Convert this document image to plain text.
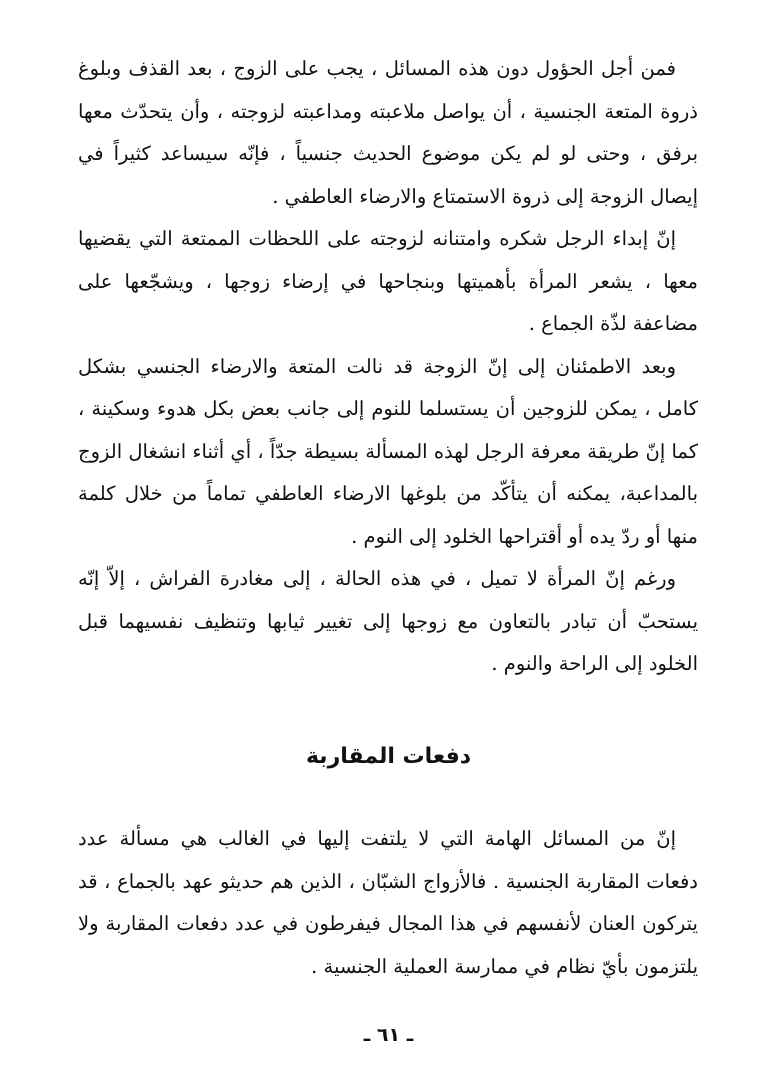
فمن أجل الحؤول دون هذه المسائل ، يجب على الزوج ، بعد القذف وبلوغ ذروة المتعة الجنسية ، أن يواصل ملاعبته ومداعبته لزوجته ، وأن يتحدّث معها برفق ، وحتى لو لم يكن موضوع الحديث جنسياً ، فإنّه سيساعد كثيراً في إيصال الزوجة إلى ذروة الاستمتاع والارضاء العاطفي .

إنّ إبداء الرجل شكره وامتنانه لزوجته على اللحظات الممتعة التي يقضيها معها ، يشعر المرأة بأهميتها وبنجاحها في إرضاء زوجها ، ويشجّعها على مضاعفة لذّة الجماع .

وبعد الاطمئنان إلى إنّ الزوجة قد نالت المتعة والارضاء الجنسي بشكل كامل ، يمكن للزوجين أن يستسلما للنوم إلى جانب بعض بكل هدوء وسكينة ، كما إنّ طريقة معرفة الرجل لهذه المسألة بسيطة جدّاً ، أي أثناء انشغال الزوج بالمداعبة، يمكنه أن يتأكّد من بلوغها الارضاء العاطفي تماماً من خلال كلمة منها أو ردّ يده أو أقتراحها الخلود إلى النوم .

ورغم إنّ المرأة لا تميل ، في هذه الحالة ، إلى مغادرة الفراش ، إلاّ إنّه يستحبّ أن تبادر بالتعاون مع زوجها إلى تغيير ثيابها وتنظيف نفسيهما قبل الخلود إلى الراحة والنوم .

دفعات المقاربة

إنّ من المسائل الهامة التي لا يلتفت إليها في الغالب هي مسألة عدد دفعات المقاربة الجنسية . فالأزواج الشبّان ، الذين هم حديثو عهد بالجماع ، قد يتركون العنان لأنفسهم في هذا المجال فيفرطون في عدد دفعات المقاربة ولا يلتزمون بأيّ نظام في ممارسة العملية الجنسية .

ـ ٦١ ـ
